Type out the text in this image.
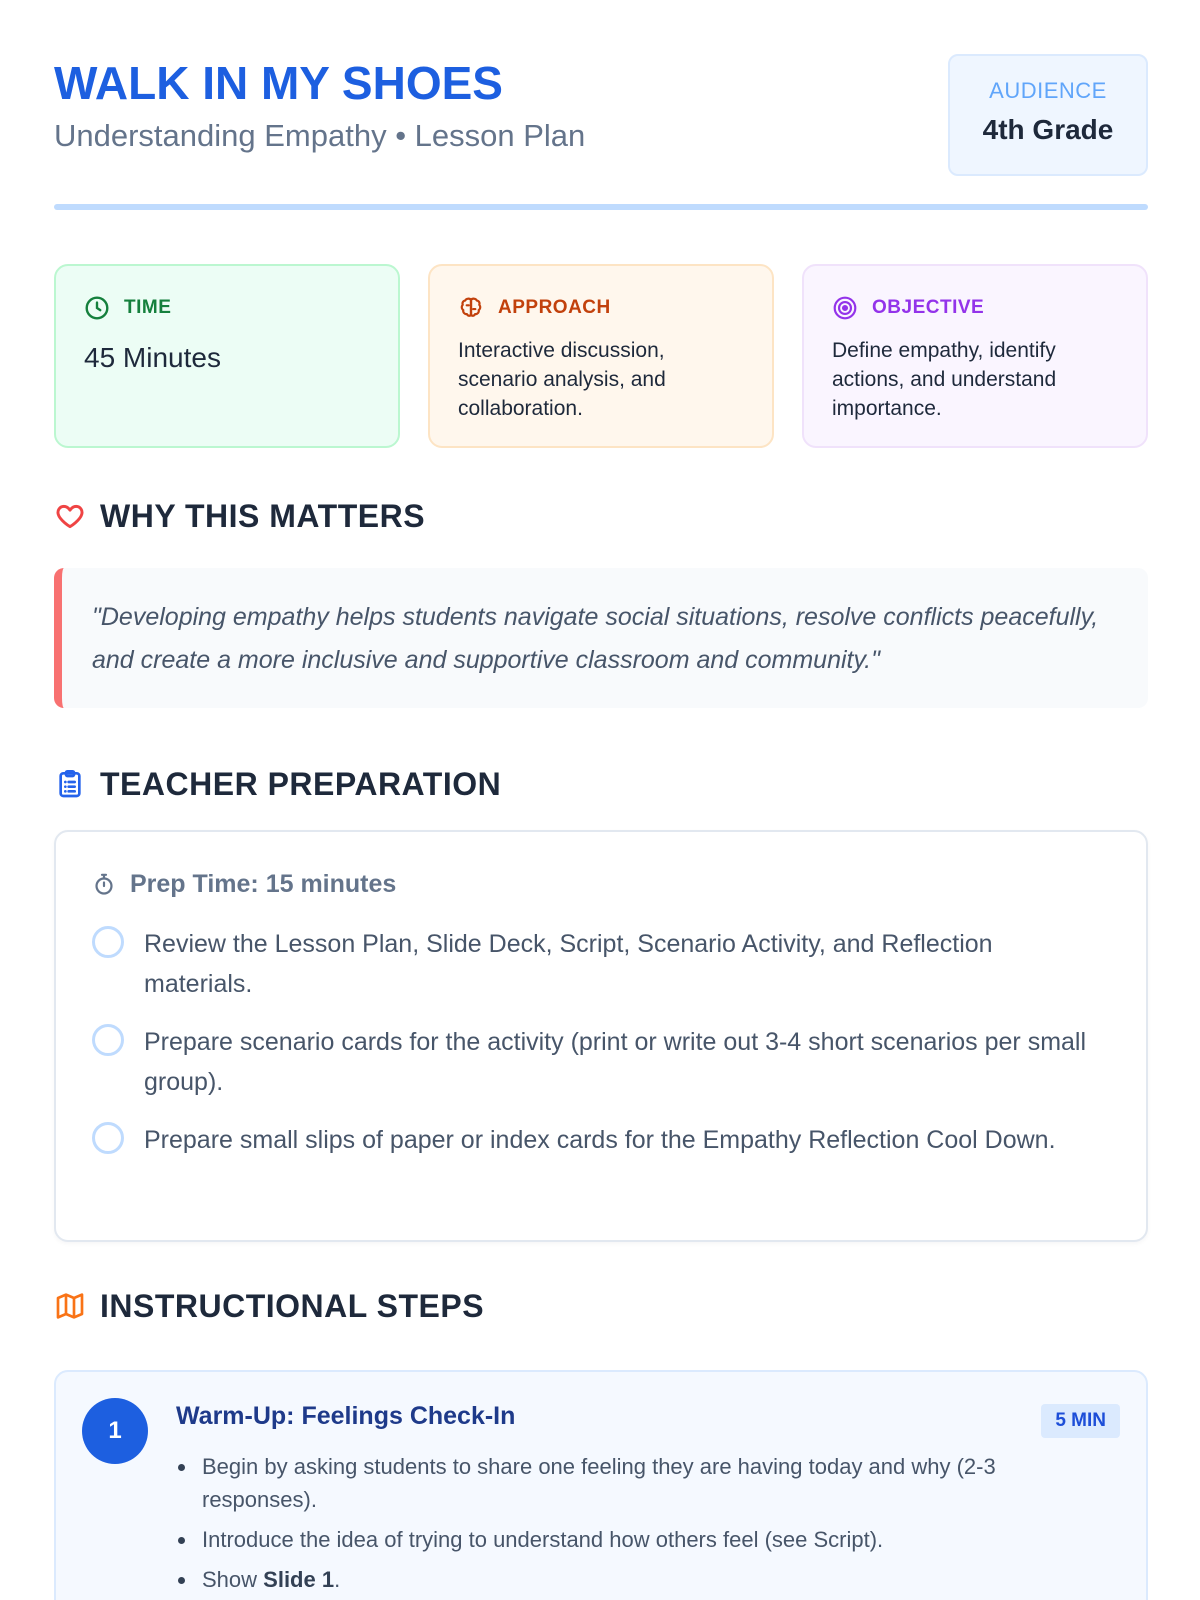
WALK IN MY SHOES
Understanding Empathy • Lesson Plan
AUDIENCE
4th Grade
TIME
45 Minutes
APPROACH
Interactive discussion, scenario analysis, and collaboration.
OBJECTIVE
Define empathy, identify actions, and understand importance.
WHY THIS MATTERS
"Developing empathy helps students navigate social situations, resolve conflicts peacefully, and create a more inclusive and supportive classroom and community."
TEACHER PREPARATION
Prep Time: 15 minutes
Review the Lesson Plan, Slide Deck, Script, Scenario Activity, and Reflection materials.
Prepare scenario cards for the activity (print or write out 3-4 short scenarios per small group).
Prepare small slips of paper or index cards for the Empathy Reflection Cool Down.
INSTRUCTIONAL STEPS
1
Warm-Up: Feelings Check-In	5 MIN
Begin by asking students to share one feeling they are having today and why (2-3 responses).
Introduce the idea of trying to understand how others feel (see Script).
Show Slide 1.
